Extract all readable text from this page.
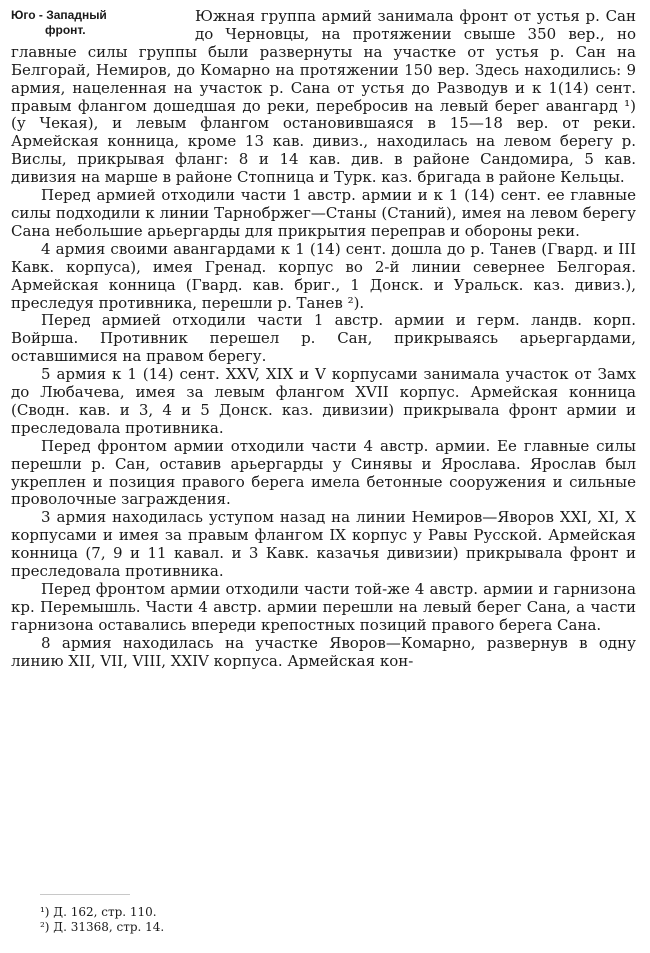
Юго - Западный
фронт.

Южная группа армий занимала фронт от устья р. Сан до Черновцы, на протяжении свыше 350 вер., но главные силы группы были развернуты на участке от устья р. Сан на Белгорай, Немиров, до Комарно на протяжении 150 вер. Здесь находились: 9 армия, нацеленная на участок р. Сана от устья до Разводув и к 1(14) сент. правым флангом дошедшая до реки, перебросив на левый берег авангард ¹) (у Чекая), и левым флангом остановившаяся в 15—18 вер. от реки. Армейская конница, кроме 13 кав. дивиз., находилась на левом берегу р. Вислы, прикрывая фланг: 8 и 14 кав. див. в районе Сандомира, 5 кав. дивизия на марше в районе Стопница и Турк. каз. бригада в районе Кельцы.

Перед армией отходили части 1 австр. армии и к 1 (14) сент. ее главные силы подходили к линии Тарнобржег—Станы (Станий), имея на левом берегу Сана небольшие арьергарды для прикрытия переправ и обороны реки.

4 армия своими авангардами к 1 (14) сент. дошла до р. Танев (Гвард. и III Кавк. корпуса), имея Гренад. корпус во 2-й линии севернее Белгорая. Армейская конница (Гвард. кав. бриг., 1 Донск. и Уральск. каз. дивиз.), преследуя противника, перешли р. Танев ²).

Перед армией отходили части 1 австр. армии и герм. ландв. корп. Войрша. Противник перешел р. Сан, прикрываясь арьергардами, оставшимися на правом берегу.

5 армия к 1 (14) сент. XXV, XIX и V корпусами занимала участок от Замх до Любачева, имея за левым флангом XVII корпус. Армейская конница (Сводн. кав. и 3, 4 и 5 Донск. каз. дивизии) прикрывала фронт армии и преследовала противника.

Перед фронтом армии отходили части 4 австр. армии. Ее главные силы перешли р. Сан, оставив арьергарды у Синявы и Ярослава. Ярослав был укреплен и позиция правого берега имела бетонные сооружения и сильные проволочные заграждения.

3 армия находилась уступом назад на линии Немиров—Яворов XXI, XI, X корпусами и имея за правым флангом IX корпус у Равы Русской. Армейская конница (7, 9 и 11 кавал. и 3 Кавк. казачья дивизии) прикрывала фронт и преследовала противника.

Перед фронтом армии отходили части той-же 4 австр. армии и гарнизона кр. Перемышль. Части 4 австр. армии перешли на левый берег Сана, а части гарнизона оставались впереди крепостных позиций правого берега Сана.

8 армия находилась на участке Яворов—Комарно, развернув в одну линию XII, VII, VIII, XXIV корпуса. Армейская кон-

¹) Д. 162, стр. 110.
²) Д. 31368, стр. 14.
